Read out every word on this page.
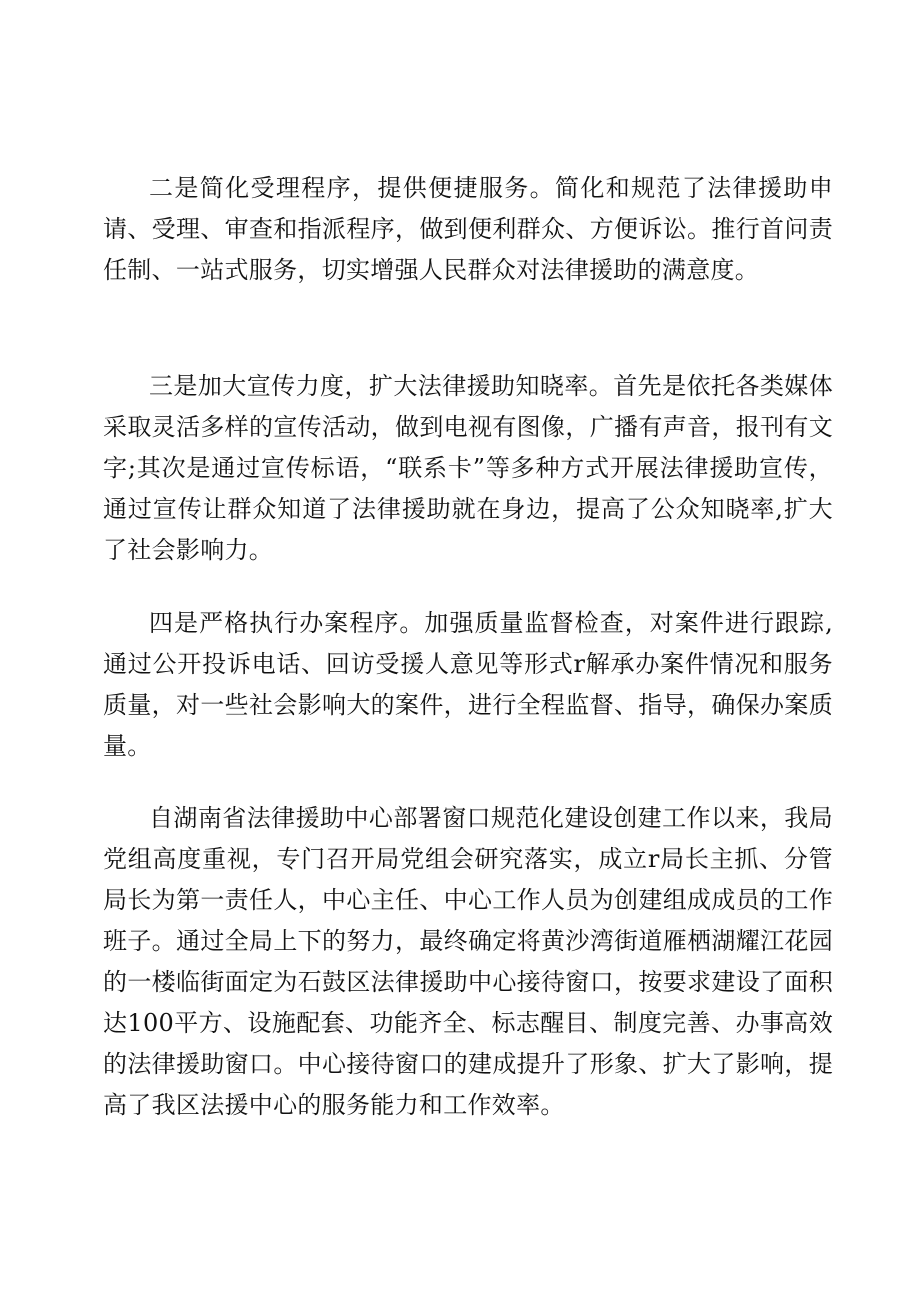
二是简化受理程序，提供便捷服务。简化和规范了法律援助申请、受理、审查和指派程序，做到便利群众、方便诉讼。推行首问责任制、一站式服务，切实增强人民群众对法律援助的满意度。

三是加大宣传力度，扩大法律援助知晓率。首先是依托各类媒体采取灵活多样的宣传活动，做到电视有图像，广播有声音，报刊有文字;其次是通过宣传标语，“联系卡”等多种方式开展法律援助宣传，通过宣传让群众知道了法律援助就在身边，提高了公众知晓率,扩大了社会影响力。

四是严格执行办案程序。加强质量监督检查，对案件进行跟踪,通过公开投诉电话、回访受援人意见等形式r解承办案件情况和服务质量，对一些社会影响大的案件，进行全程监督、指导，确保办案质量。

自湖南省法律援助中心部署窗口规范化建设创建工作以来，我局党组高度重视，专门召开局党组会研究落实，成立r局长主抓、分管局长为第一责任人，中心主任、中心工作人员为创建组成成员的工作班子。通过全局上下的努力，最终确定将黄沙湾街道雁栖湖耀江花园的一楼临街面定为石鼓区法律援助中心接待窗口，按要求建设了面积达100平方、设施配套、功能齐全、标志醒目、制度完善、办事高效的法律援助窗口。中心接待窗口的建成提升了形象、扩大了影响，提高了我区法援中心的服务能力和工作效率。
